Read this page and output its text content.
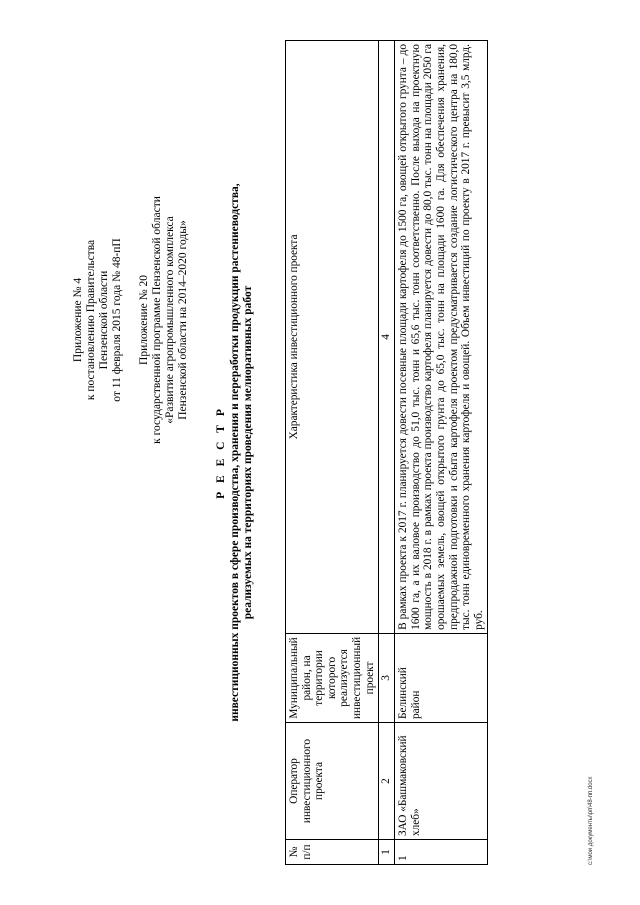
Приложение № 4 к постановлению Правительства Пензенской области от 11 февраля 2015 года № 48-пП Приложение № 20 к государственной программе Пензенской области «Развитие агропромышленного комплекса Пензенской области на 2014–2020 годы»
Р Е Е С Т Р инвестиционных проектов в сфере производства, хранения и переработки продукции растениеводства, реализуемых на территориях проведения мелиоративных работ
№ п/п	Оператор инвестиционного проекта	Муниципальный район, на территории которого реализуется инвестиционный проект	Характеристика инвестиционного проекта
1	2	3	4
1	ЗАО «Башмаковский хлеб»	Белинский район	В рамках проекта к 2017 г. планируется довести посевные площади картофеля до 1500 га, овощей открытого грунта – до 1600 га, а их валовое производство до 51,0 тыс. тонн и 65,6 тыс. тонн соответственно. После выхода на проектную мощность в 2018 г. в рамках проекта производство картофеля планируется довести до 80,0 тыс. тонн на площади 2050 га орошаемых земель, овощей открытого грунта до 65,0 тыс. тонн на площади 1600 га. Для обеспечения хранения, предпродажной подготовки и сбыта картофеля проектом предусматривается создание логистического центра на 180,0 тыс. тонн единовременного хранения картофеля и овощей. Объем инвестиций по проекту в 2017 г. превысит 3,5 млрд. руб.
c:\мои документы\рп\48-пп.docx
